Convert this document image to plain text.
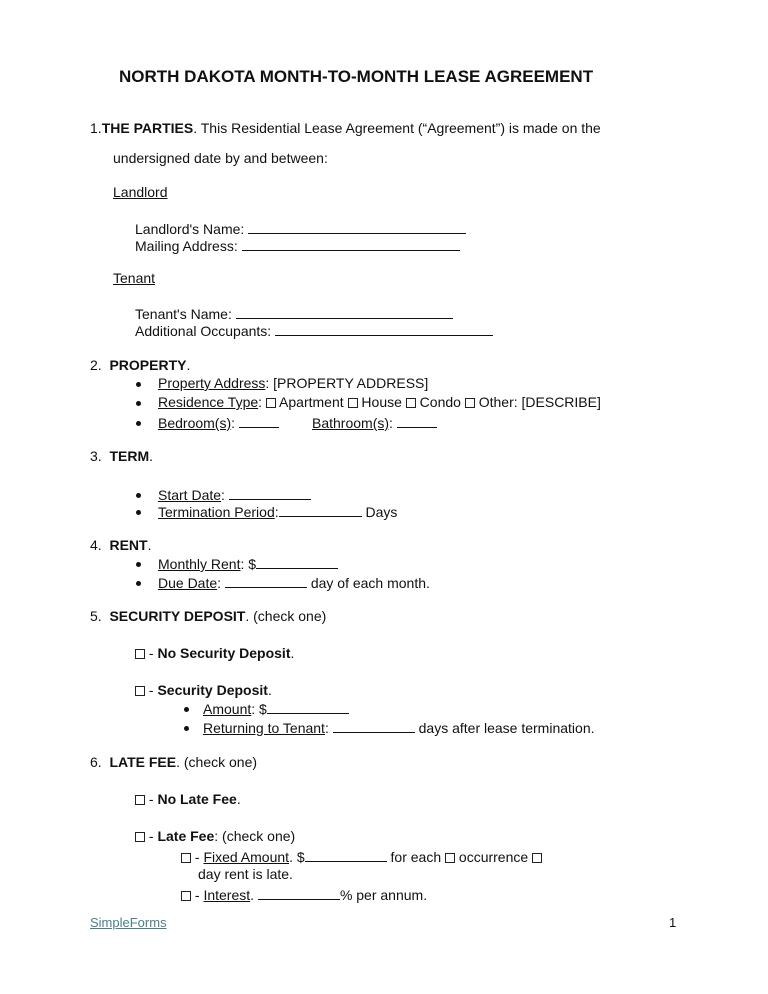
NORTH DAKOTA MONTH-TO-MONTH LEASE AGREEMENT
1.THE PARTIES. This Residential Lease Agreement (“Agreement”) is made on the
undersigned date by and between:
Landlord
Landlord's Name:
Mailing Address:
Tenant
Tenant's Name:
Additional Occupants:
2. PROPERTY.
Property Address: [PROPERTY ADDRESS]
Residence Type: Apartment House Condo Other: [DESCRIBE]
Bedroom(s):	Bathroom(s):
3. TERM.
Start Date:
Termination Period:	Days
4. RENT.
Monthly Rent: $
Due Date:	day of each month.
5. SECURITY DEPOSIT. (check one)
- No Security Deposit.
- Security Deposit.
Amount: $
Returning to Tenant:	days after lease termination.
6. LATE FEE. (check one)
- No Late Fee.
- Late Fee: (check one)
- Fixed Amount. $	for each occurrence
day rent is late.
- Interest.	% per annum.
SimpleForms	1
